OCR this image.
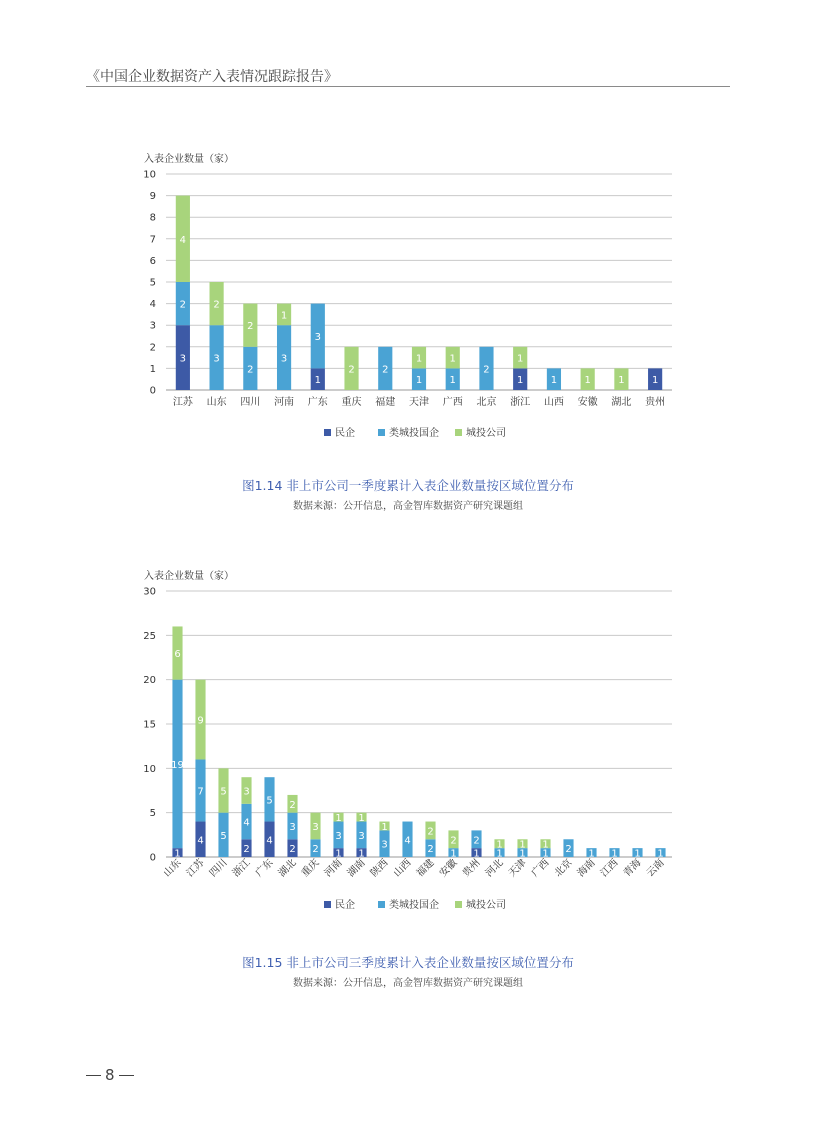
《中国企业数据资产入表情况跟踪报告》
入表企业数量（家）
0
1
2
3
4
5
6
7
8
9
10
3
2
4
江苏
3
2
山东
2
2
四川
3
1
河南
1
3
广东
2
重庆
2
福建
1
1
天津
1
1
广西
2
北京
1
1
浙江
1
山西
1
安徽
1
湖北
1
贵州
民企	类城投国企	城投公司
图1.14 非上市公司一季度累计入表企业数量按区域位置分布
数据来源：公开信息，高金智库数据资产研究课题组
入表企业数量（家）
0
5
10
15
20
25
30
1
19
6
山东
4
7
9
江苏
5
5
四川
2
4
3
浙江
4
5
广东
2
3
2
湖北
2
3
重庆
1
3
1
河南
1
3
1
湖南
3
1
陕西
4
山西
2
2
福建
1
2
安徽
1
2
贵州
1
1
河北
1
1
天津
1
1
广西
2
北京
1
海南
1
江西
1
青海
1
云南
民企	类城投国企	城投公司
图1.15 非上市公司三季度累计入表企业数量按区域位置分布
数据来源：公开信息，高金智库数据资产研究课题组
8
